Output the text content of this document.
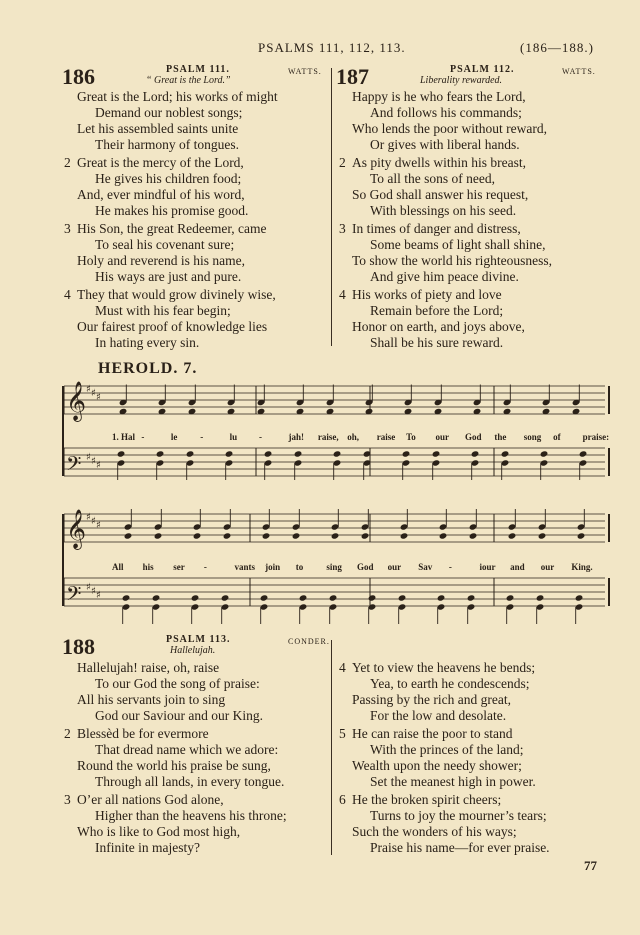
PSALMS 111, 112, 113.	(186—188.)
186	PSALM 111.
“ Great is the Lord.”
WATTS.
Great is the Lord; his works of might
Demand our noblest songs;
Let his assembled saints unite
Their harmony of tongues.
2 Great is the mercy of the Lord,
He gives his children food;
And, ever mindful of his word,
He makes his promise good.
3 His Son, the great Redeemer, came
To seal his covenant sure;
Holy and reverend is his name,
His ways are just and pure.
4 They that would grow divinely wise,
Must with his fear begin;
Our fairest proof of knowledge lies
In hating every sin.
187	PSALM 112.
Liberality rewarded.
WATTS.
Happy is he who fears the Lord,
And follows his commands;
Who lends the poor without reward,
Or gives with liberal hands.
2 As pity dwells within his breast,
To all the sons of need,
So God shall answer his request,
With blessings on his seed.
3 In times of danger and distress,
Some beams of light shall shine,
To show the world his righteousness,
And give him peace divine.
4 His works of piety and love
Remain before the Lord;
Honor on earth, and joys above,
Shall be his sure reward.
HEROLD. 7.
𝄞 ♯ ♯ ♯
𝄢 ♯ ♯ ♯
𝄞 ♯ ♯ ♯
𝄢 ♯ ♯ ♯
1. Hal -	le	-	lu -	jah! raise, oh, raise To our God the song of praise:
All his ser -	vants join to	sing God our Sav -	iour and our King.
188	PSALM 113.
Hallelujah.
CONDER.
Hallelujah! raise, oh, raise
To our God the song of praise:
All his servants join to sing
God our Saviour and our King.
2 Blessèd be for evermore
That dread name which we adore:
Round the world his praise be sung,
Through all lands, in every tongue.
3 O’er all nations God alone,
Higher than the heavens his throne;
Who is like to God most high,
Infinite in majesty?
4 Yet to view the heavens he bends;
Yea, to earth he condescends;
Passing by the rich and great,
For the low and desolate.
5 He can raise the poor to stand
With the princes of the land;
Wealth upon the needy shower;
Set the meanest high in power.
6 He the broken spirit cheers;
Turns to joy the mourner’s tears;
Such the wonders of his ways;
Praise his name—for ever praise.
77
